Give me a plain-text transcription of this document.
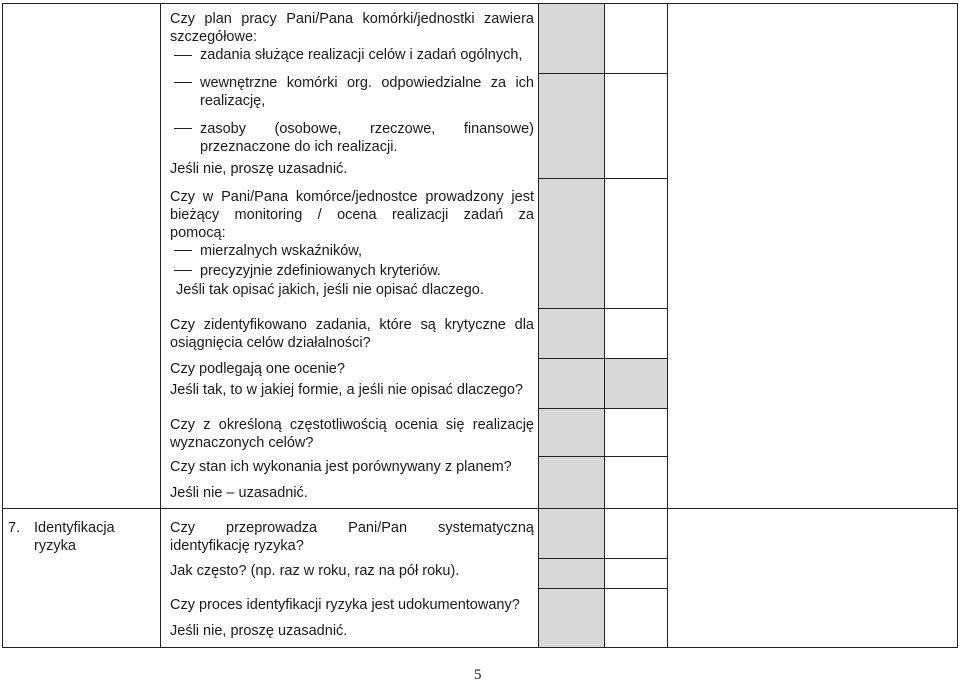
Czy plan pracy Pani/Pana komórki/jednostki zawiera
szczegółowe:
zadania służące realizacji celów i zadań ogólnych,
wewnętrzne komórki org. odpowiedzialne za ich
realizację,
zasoby (osobowe, rzeczowe, finansowe)
przeznaczone do ich realizacji.
Jeśli nie, proszę uzasadnić.
Czy w Pani/Pana komórce/jednostce prowadzony jest
bieżący monitoring / ocena realizacji zadań za
pomocą:
mierzalnych wskaźników,
precyzyjnie zdefiniowanych kryteriów.
Jeśli tak opisać jakich, jeśli nie opisać dlaczego.
Czy zidentyfikowano zadania, które są krytyczne dla
osiągnięcia celów działalności?
Czy podlegają one ocenie?
Jeśli tak, to w jakiej formie, a jeśli nie opisać dlaczego?
Czy z określoną częstotliwością ocenia się realizację
wyznaczonych celów?
Czy stan ich wykonania jest porównywany z planem?
Jeśli nie – uzasadnić.
7. Identyfikacja
ryzyka
Czy przeprowadza Pani/Pan systematyczną
identyfikację ryzyka?
Jak często? (np. raz w roku, raz na pół roku).
Czy proces identyfikacji ryzyka jest udokumentowany?
Jeśli nie, proszę uzasadnić.
5
